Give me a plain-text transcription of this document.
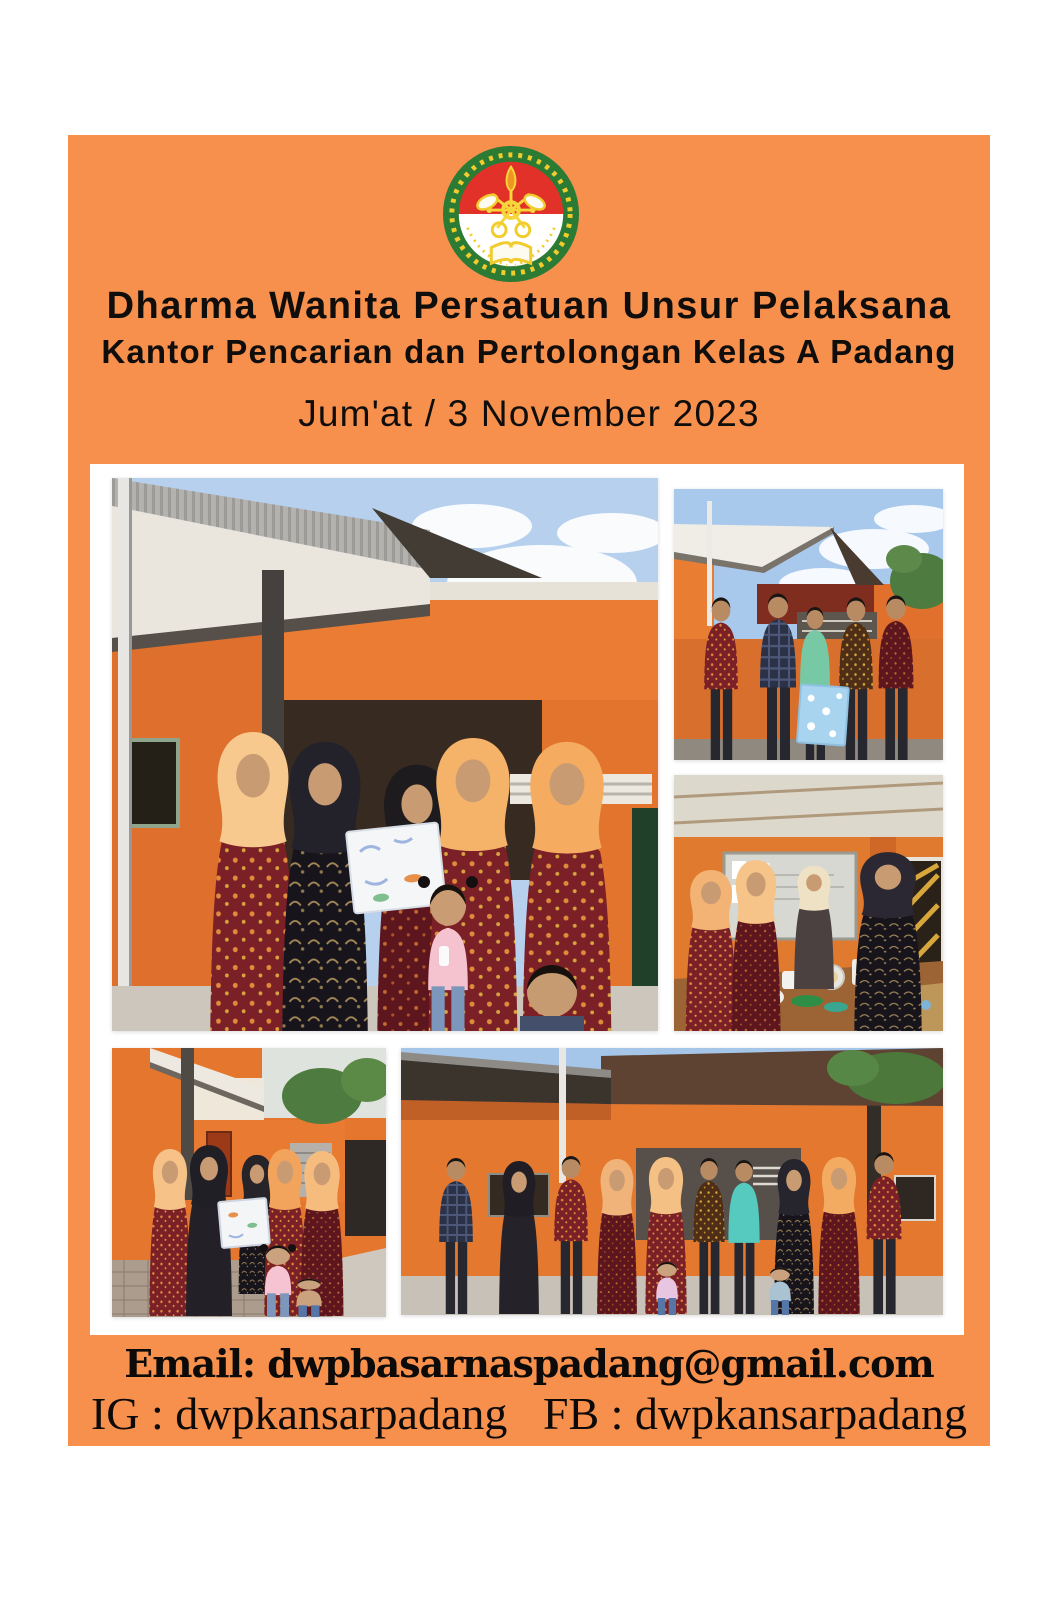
Dharma Wanita Persatuan Unsur Pelaksana
Kantor Pencarian dan Pertolongan Kelas A Padang
Jum'at / 3 November 2023
Email: dwpbasarnaspadang@gmail.com
IG : dwpkansarpadang FB : dwpkansarpadang
